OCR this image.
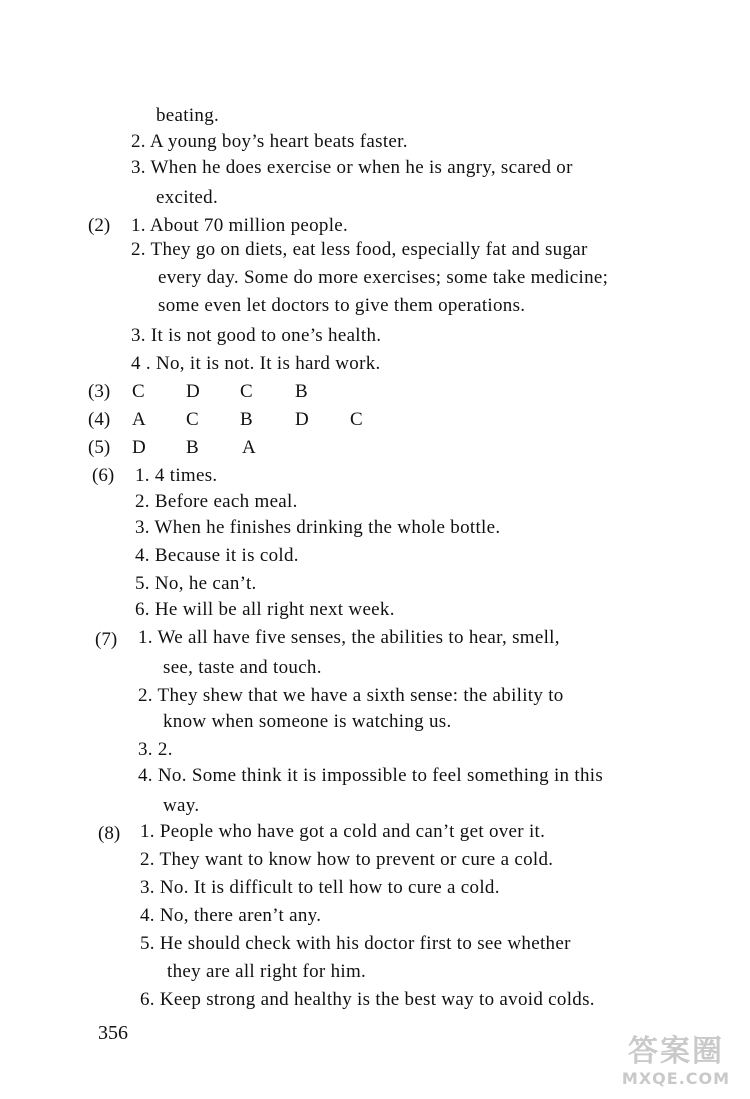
beating.
2. A young boy’s heart beats faster.
3. When he does exercise or when he is angry, scared or
excited.
(2) 1. About 70 million people.
2. They go on diets, eat less food, especially fat and sugar
every day. Some do more exercises; some take medicine;
some even let doctors to give them operations.
3. It is not good to one’s health.
4 . No, it is not. It is hard work.
(3) C D C B
(4) A C B D C
(5) D B A
(6) 1. 4 times.
2. Before each meal.
3. When he finishes drinking the whole bottle.
4. Because it is cold.
5. No, he can’t.
6. He will be all right next week.
(7) 1. We all have five senses, the abilities to hear, smell,
see, taste and touch.
2. They shew that we have a sixth sense: the ability to
know when someone is watching us.
3. 2.
4. No. Some think it is impossible to feel something in this
way.
(8) 1. People who have got a cold and can’t get over it.
2. They want to know how to prevent or cure a cold.
3. No. It is difficult to tell how to cure a cold.
4. No, there aren’t any.
5. He should check with his doctor first to see whether
they are all right for him.
6. Keep strong and healthy is the best way to avoid colds.
356
答案圈
MXQE.COM
